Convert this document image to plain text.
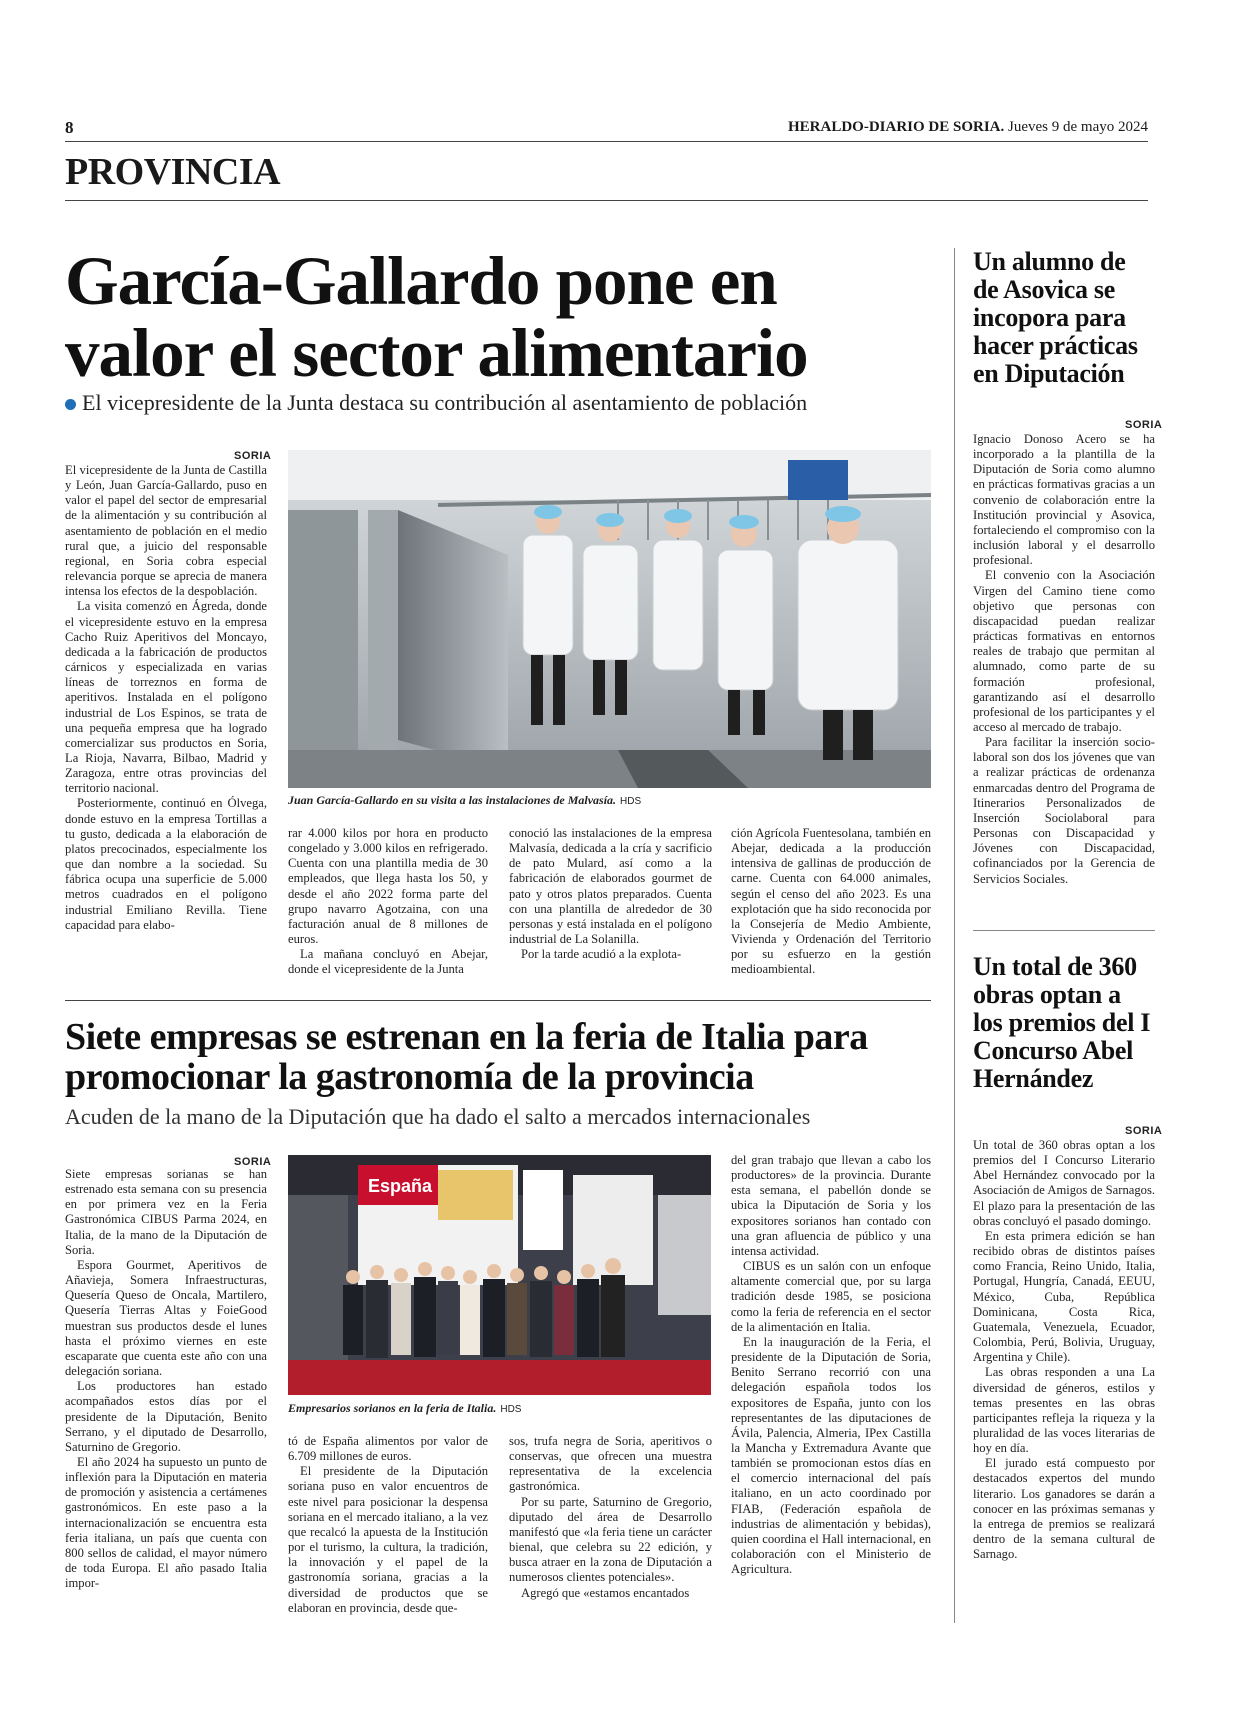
8	HERALDO-DIARIO DE SORIA. Jueves 9 de mayo 2024
PROVINCIA
García-Gallardo pone en valor el sector alimentario
El vicepresidente de la Junta destaca su contribución al asentamiento de población
SORIA

El vicepresidente de la Junta de Castilla y León, Juan García-Gallardo, puso en valor el papel del sector de empresarial de la alimentación y su contribución al asentamiento de población en el medio rural que, a juicio del responsable regional, en Soria cobra especial relevancia porque se aprecia de manera intensa los efectos de la despoblación.

La visita comenzó en Ágreda, donde el vicepresidente estuvo en la empresa Cacho Ruiz Aperitivos del Moncayo, dedicada a la fabricación de productos cárnicos y especializada en varias líneas de torreznos en forma de aperitivos. Instalada en el polígono industrial de Los Espinos, se trata de una pequeña empresa que ha logrado comercializar sus productos en Soria, La Rioja, Navarra, Bilbao, Madrid y Zaragoza, entre otras provincias del territorio nacional.

Posteriormente, continuó en Ólvega, donde estuvo en la empresa Tortillas a tu gusto, dedicada a la elaboración de platos precocinados, especialmente los que dan nombre a la sociedad. Su fábrica ocupa una superficie de 5.000 metros cuadrados en el polígono industrial Emiliano Revilla. Tiene capacidad para elabo-

Juan García-Gallardo en su visita a las instalaciones de Malvasía. HDS

rar 4.000 kilos por hora en producto congelado y 3.000 kilos en refrigerado. Cuenta con una plantilla media de 30 empleados, que llega hasta los 50, y desde el año 2022 forma parte del grupo navarro Agotzaina, con una facturación anual de 8 millones de euros.

La mañana concluyó en Abejar, donde el vicepresidente de la Junta

conoció las instalaciones de la empresa Malvasía, dedicada a la cría y sacrificio de pato Mulard, así como a la fabricación de elaborados gourmet de pato y otros platos preparados. Cuenta con una plantilla de alrededor de 30 personas y está instalada en el polígono industrial de La Solanilla.

Por la tarde acudió a la explota-

ción Agrícola Fuentesolana, también en Abejar, dedicada a la producción intensiva de gallinas de producción de carne. Cuenta con 64.000 animales, según el censo del año 2023. Es una explotación que ha sido reconocida por la Consejería de Medio Ambiente, Vivienda y Ordenación del Territorio por su esfuerzo en la gestión medioambiental.

Siete empresas se estrenan en la feria de Italia para promocionar la gastronomía de la provincia
Acuden de la mano de la Diputación que ha dado el salto a mercados internacionales
SORIA

Siete empresas sorianas se han estrenado esta semana con su presencia en por primera vez en la Feria Gastronómica CIBUS Parma 2024, en Italia, de la mano de la Diputación de Soria.

Espora Gourmet, Aperitivos de Añavieja, Somera Infraestructuras, Quesería Queso de Oncala, Martilero, Quesería Tierras Altas y FoieGood muestran sus productos desde el lunes hasta el próximo viernes en este escaparate que cuenta este año con una delegación soriana.

Los productores han estado acompañados estos días por el presidente de la Diputación, Benito Serrano, y el diputado de Desarrollo, Saturnino de Gregorio.

El año 2024 ha supuesto un punto de inflexión para la Diputación en materia de promoción y asistencia a certámenes gastronómicos. En este paso a la internacionalización se encuentra esta feria italiana, un país que cuenta con 800 sellos de calidad, el mayor número de toda Europa. El año pasado Italia impor-

España
Empresarios sorianos en la feria de Italia. HDS

tó de España alimentos por valor de 6.709 millones de euros.

El presidente de la Diputación soriana puso en valor encuentros de este nivel para posicionar la despensa soriana en el mercado italiano, a la vez que recalcó la apuesta de la Institución por el turismo, la cultura, la tradición, la innovación y el papel de la gastronomía soriana, gracias a la diversidad de productos que se elaboran en provincia, desde que-

sos, trufa negra de Soria, aperitivos o conservas, que ofrecen una muestra representativa de la excelencia gastronómica.

Por su parte, Saturnino de Gregorio, diputado del área de Desarrollo manifestó que «la feria tiene un carácter bienal, que celebra su 22 edición, y busca atraer en la zona de Diputación a numerosos clientes potenciales».

Agregó que «estamos encantados

del gran trabajo que llevan a cabo los productores» de la provincia. Durante esta semana, el pabellón donde se ubica la Diputación de Soria y los expositores sorianos han contado con una gran afluencia de público y una intensa actividad.

CIBUS es un salón con un enfoque altamente comercial que, por su larga tradición desde 1985, se posiciona como la feria de referencia en el sector de la alimentación en Italia.

En la inauguración de la Feria, el presidente de la Diputación de Soria, Benito Serrano recorrió con una delegación española todos los expositores de España, junto con los representantes de las diputaciones de Ávila, Palencia, Almeria, IPex Castilla la Mancha y Extremadura Avante que también se promocionan estos días en el comercio internacional del país italiano, en un acto coordinado por FIAB, (Federación española de industrias de alimentación y bebidas), quien coordina el Hall internacional, en colaboración con el Ministerio de Agricultura.

Un alumno de de Asovica se incopora para hacer prácticas en Diputación
SORIA

Ignacio Donoso Acero se ha incorporado a la plantilla de la Diputación de Soria como alumno en prácticas formativas gracias a un convenio de colaboración entre la Institución provincial y Asovica, fortaleciendo el compromiso con la inclusión laboral y el desarrollo profesional.

El convenio con la Asociación Virgen del Camino tiene como objetivo que personas con discapacidad puedan realizar prácticas formativas en entornos reales de trabajo que permitan al alumnado, como parte de su formación profesional, garantizando así el desarrollo profesional de los participantes y el acceso al mercado de trabajo.

Para facilitar la inserción socio-laboral son dos los jóvenes que van a realizar prácticas de ordenanza enmarcadas dentro del Programa de Itinerarios Personalizados de Inserción Sociolaboral para Personas con Discapacidad y Jóvenes con Discapacidad, cofinanciados por la Gerencia de Servicios Sociales.

Un total de 360 obras optan a los premios del I Concurso Abel Hernández
SORIA

Un total de 360 obras optan a los premios del I Concurso Literario Abel Hernández convocado por la Asociación de Amigos de Sarnagos. El plazo para la presentación de las obras concluyó el pasado domingo.

En esta primera edición se han recibido obras de distintos países como Francia, Reino Unido, Italia, Portugal, Hungría, Canadá, EEUU, México, Cuba, República Dominicana, Costa Rica, Guatemala, Venezuela, Ecuador, Colombia, Perú, Bolivia, Uruguay, Argentina y Chile).

Las obras responden a una La diversidad de géneros, estilos y temas presentes en las obras participantes refleja la riqueza y la pluralidad de las voces literarias de hoy en día.

El jurado está compuesto por destacados expertos del mundo literario. Los ganadores se darán a conocer en las próximas semanas y la entrega de premios se realizará dentro de la semana cultural de Sarnago.
